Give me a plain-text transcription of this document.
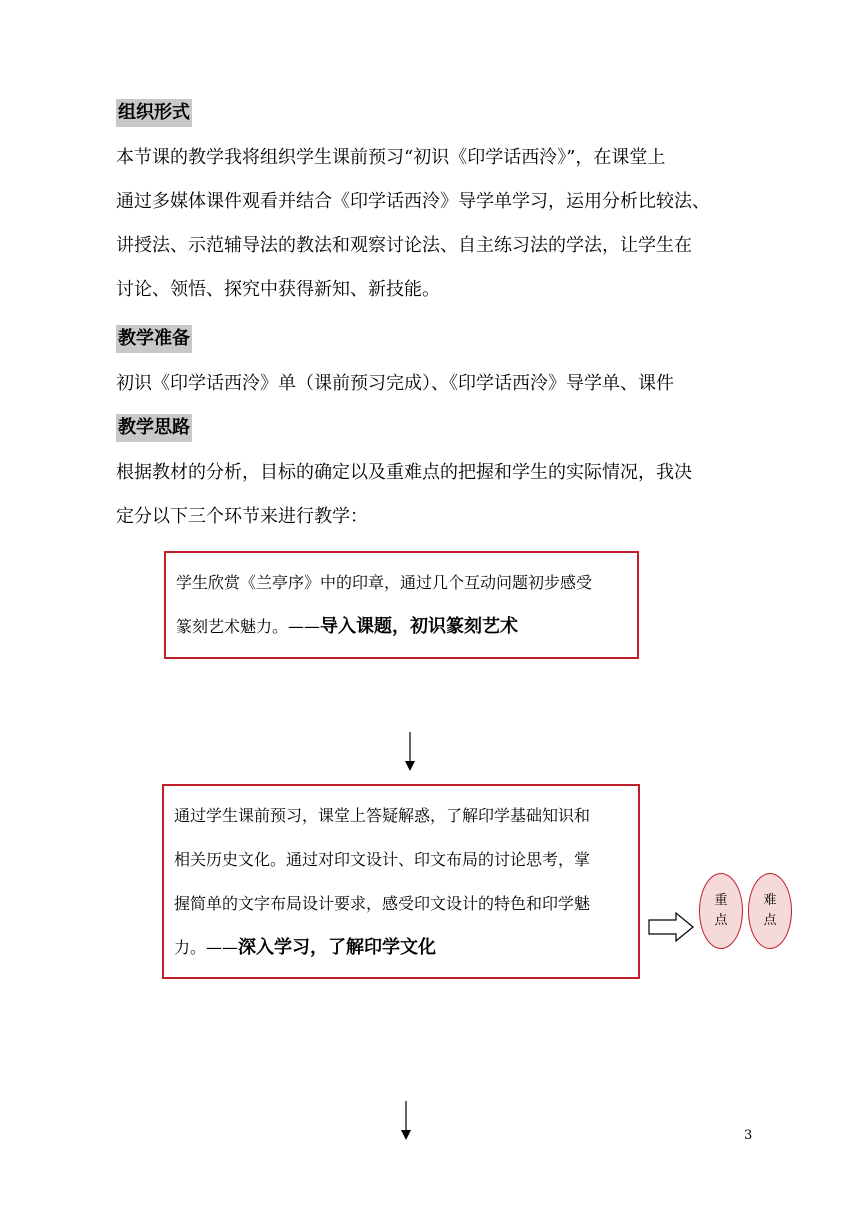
组织形式
本节课的教学我将组织学生课前预习“初识《印学话西泠》”，在课堂上
通过多媒体课件观看并结合《印学话西泠》导学单学习，运用分析比较法、
讲授法、示范辅导法的教法和观察讨论法、自主练习法的学法，让学生在
讨论、领悟、探究中获得新知、新技能。
教学准备
初识《印学话西泠》单（课前预习完成）、《印学话西泠》导学单、课件
教学思路
根据教材的分析，目标的确定以及重难点的把握和学生的实际情况，我决
定分以下三个环节来进行教学：
学生欣赏《兰亭序》中的印章，通过几个互动问题初步感受
篆刻艺术魅力。——导入课题，初识篆刻艺术
通过学生课前预习，课堂上答疑解惑，了解印学基础知识和
相关历史文化。通过对印文设计、印文布局的讨论思考，掌
握简单的文字布局设计要求，感受印文设计的特色和印学魅
力。——深入学习，了解印学文化
重
点
难
点
3
